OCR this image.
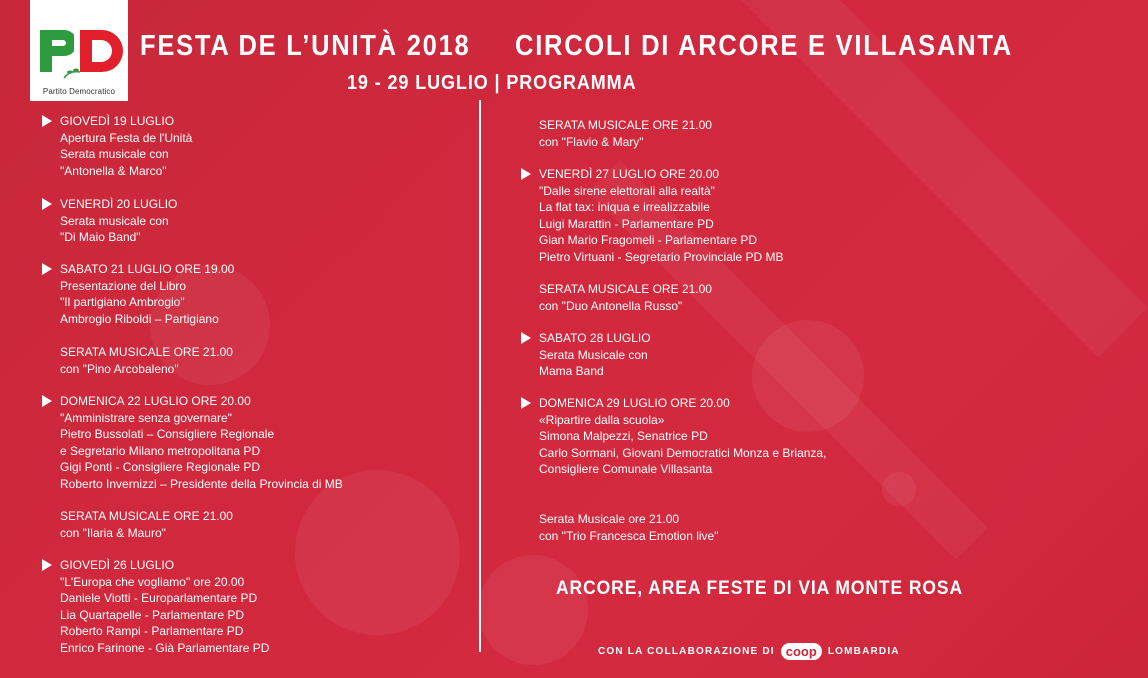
Partito Democratico
FESTA DE L’UNITÀ 2018 CIRCOLI DI ARCORE E VILLASANTA
19 - 29 LUGLIO | PROGRAMMA
GIOVEDÌ 19 LUGLIO
Apertura Festa de l'Unità
Serata musicale con
"Antonella & Marco"
VENERDÌ 20 LUGLIO
Serata musicale con
"Di Maio Band"
SABATO 21 LUGLIO ORE 19.00
Presentazione del Libro
"Il partigiano Ambrogio"
Ambrogio Riboldi – Partigiano
SERATA MUSICALE ORE 21.00
con "Pino Arcobaleno"
DOMENICA 22 LUGLIO ORE 20.00
"Amministrare senza governare"
Pietro Bussolati – Consigliere Regionale
e Segretario Milano metropolitana PD
Gigi Ponti - Consigliere Regionale PD
Roberto Invernizzi – Presidente della Provincia di MB
SERATA MUSICALE ORE 21.00
con "Ilaria & Mauro"
GIOVEDÌ 26 LUGLIO
"L'Europa che vogliamo" ore 20.00
Daniele Viotti - Europarlamentare PD
Lia Quartapelle - Parlamentare PD
Roberto Rampi - Parlamentare PD
Enrico Farinone - Già Parlamentare PD
SERATA MUSICALE ORE 21.00
con "Flavio & Mary"
VENERDÌ 27 LUGLIO ORE 20.00
"Dalle sirene elettorali alla realtà"
La flat tax: iniqua e irrealizzabile
Luigi Marattin - Parlamentare PD
Gian Mario Fragomeli - Parlamentare PD
Pietro Virtuani - Segretario Provinciale PD MB
SERATA MUSICALE ORE 21.00
con "Duo Antonella Russo"
SABATO 28 LUGLIO
Serata Musicale con
Mama Band
DOMENICA 29 LUGLIO ORE 20.00
«Ripartire dalla scuola»
Simona Malpezzi, Senatrice PD
Carlo Sormani, Giovani Democratici Monza e Brianza,
Consigliere Comunale Villasanta
Serata Musicale ore 21.00
con "Trio Francesca Emotion live"
ARCORE, AREA FESTE DI VIA MONTE ROSA
CON LA COLLABORAZIONE DI coop	LOMBARDIA
